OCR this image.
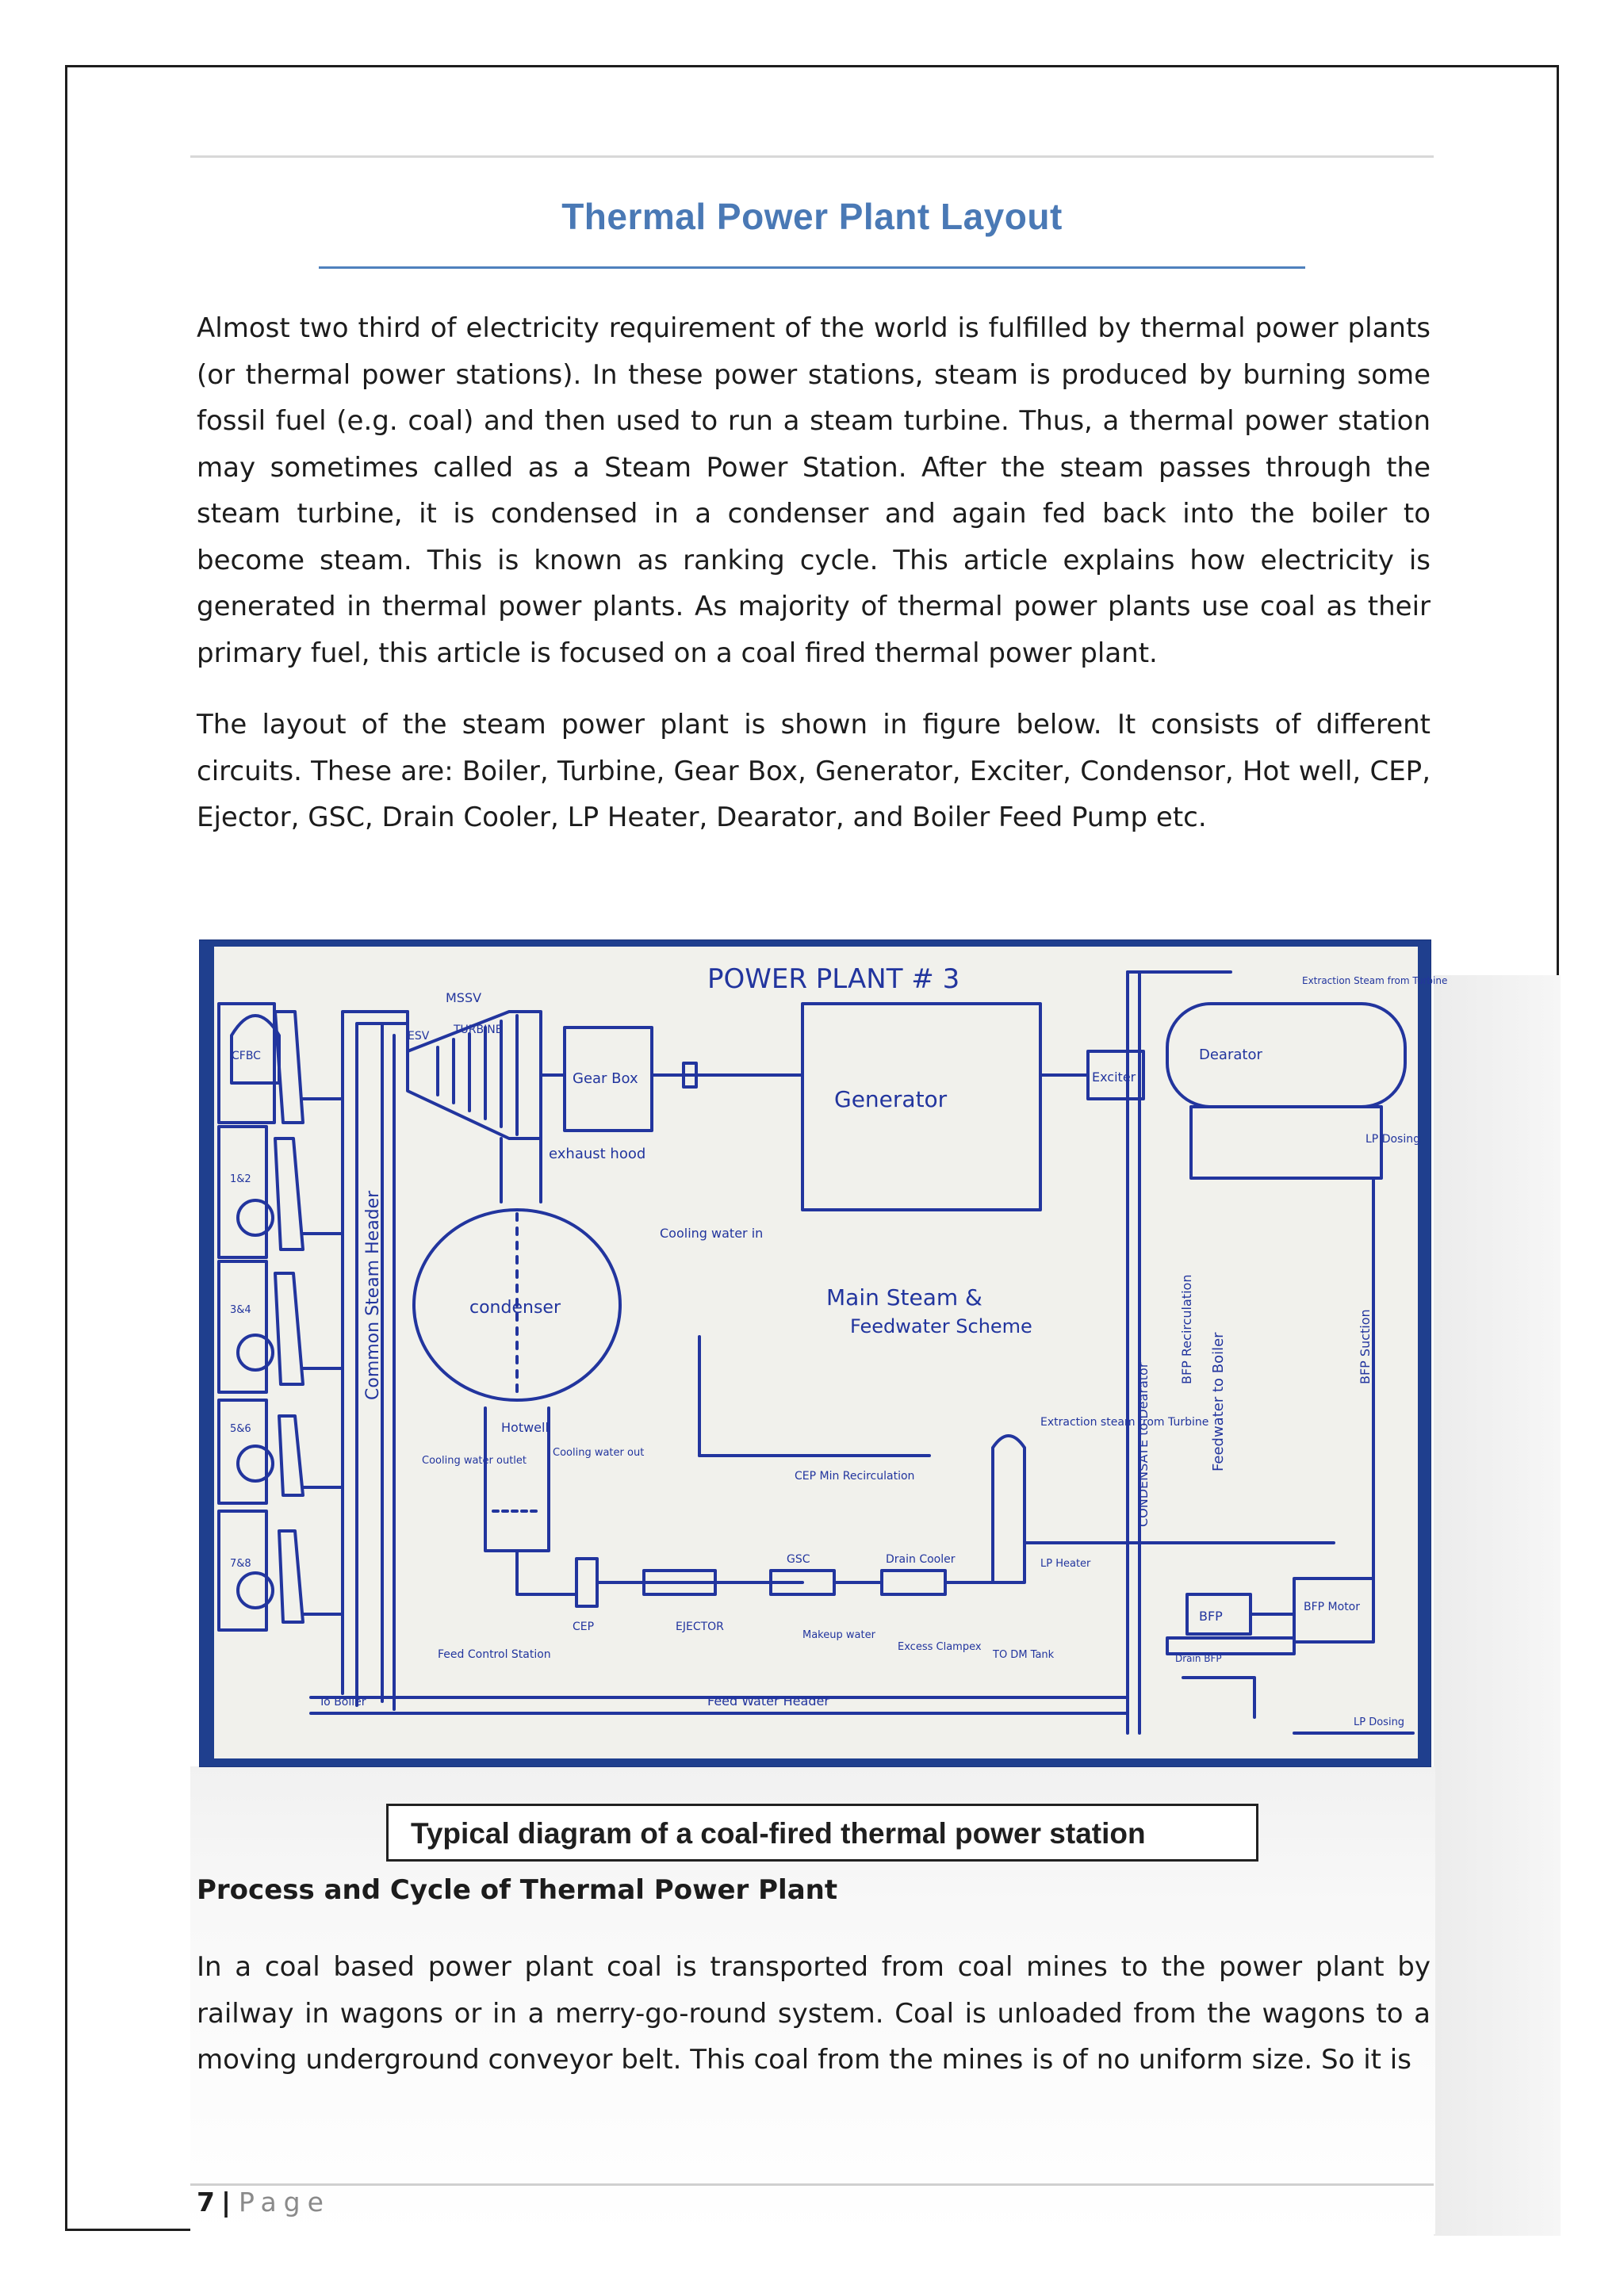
Thermal Power Plant Layout

Almost two third of electricity requirement of the world is fulfilled by thermal power plants (or thermal power stations). In these power stations, steam is produced by burning some fossil fuel (e.g. coal) and then used to run a steam turbine. Thus, a thermal power station may sometimes called as a Steam Power Station. After the steam passes through the steam turbine, it is condensed in a condenser and again fed back into the boiler to become steam. This is known as ranking cycle. This article explains how electricity is generated in thermal power plants. As majority of thermal power plants use coal as their primary fuel, this article is focused on a coal fired thermal power plant.

The layout of the steam power plant is shown in figure below. It consists of different circuits. These are: Boiler, Turbine, Gear Box, Generator, Exciter, Condensor, Hot well, CEP, Ejector, GSC, Drain Cooler, LP Heater, Dearator, and Boiler Feed Pump etc.

POWER PLANT # 3
MSSV
ESV TURBINE
Gear Box
Generator
Exciter
Extraction Steam from Turbine
Dearator
LP Dosing
CFBC
1&2
3&4
5&6
7&8
Common Steam Header
exhaust hood
Cooling water in
condenser	Main Steam &
Feedwater Scheme
CONDENSATE to Dearator
BFP Recirculation	BFP Suction
Feedwater to Boiler
Extraction steam from Turbine
Hotwell
Cooling water outlet
Cooling water out
CEP Min Recirculation
GSC	Drain Cooler	LP Heater
BFP
BFP Motor
CEP	EJECTOR
Makeup water
Excess Clampex
TO DM Tank
Feed Control Station
To Boiler	Feed Water Header
Drain BFP
LP Dosing
Typical diagram of a coal-fired thermal power station
Process and Cycle of Thermal Power Plant

In a coal based power plant coal is transported from coal mines to the power plant by railway in wagons or in a merry-go-round system. Coal is unloaded from the wagons to a moving underground conveyor belt. This coal from the mines is of no uniform size. So it is

7 | Page
